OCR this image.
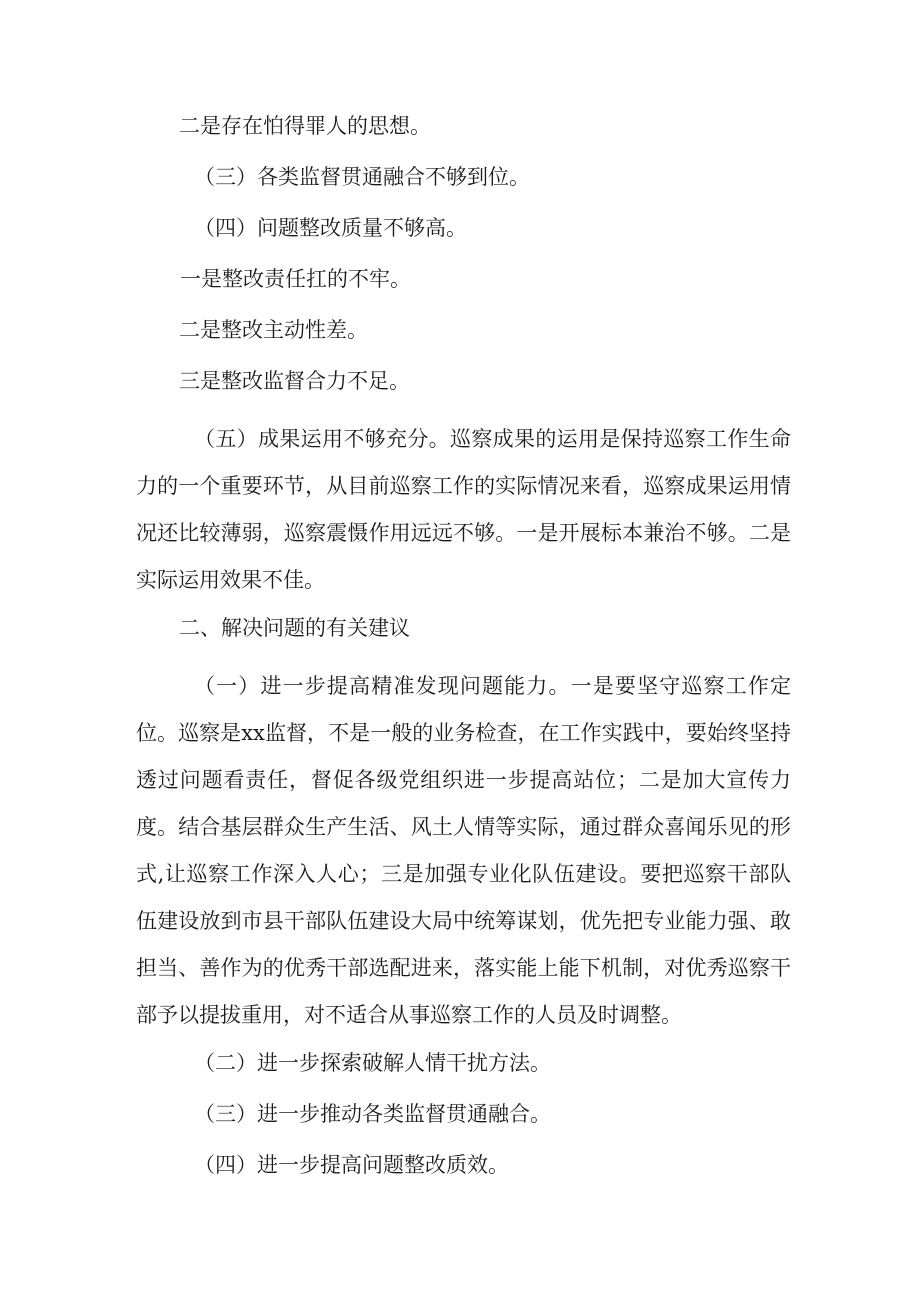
二是存在怕得罪人的思想。

（三）各类监督贯通融合不够到位。

（四）问题整改质量不够高。

一是整改责任扛的不牢。

二是整改主动性差。

三是整改监督合力不足。

（五）成果运用不够充分。巡察成果的运用是保持巡察工作生命力的一个重要环节，从目前巡察工作的实际情况来看，巡察成果运用情况还比较薄弱，巡察震慑作用远远不够。一是开展标本兼治不够。二是实际运用效果不佳。

二、解决问题的有关建议

（一）进一步提高精准发现问题能力。一是要坚守巡察工作定位。巡察是xx监督，不是一般的业务检查，在工作实践中，要始终坚持透过问题看责任，督促各级党组织进一步提高站位；二是加大宣传力度。结合基层群众生产生活、风土人情等实际，通过群众喜闻乐见的形式,让巡察工作深入人心；三是加强专业化队伍建设。要把巡察干部队伍建设放到市县干部队伍建设大局中统筹谋划，优先把专业能力强、敢担当、善作为的优秀干部选配进来，落实能上能下机制，对优秀巡察干部予以提拔重用，对不适合从事巡察工作的人员及时调整。

（二）进一步探索破解人情干扰方法。

（三）进一步推动各类监督贯通融合。

（四）进一步提高问题整改质效。
